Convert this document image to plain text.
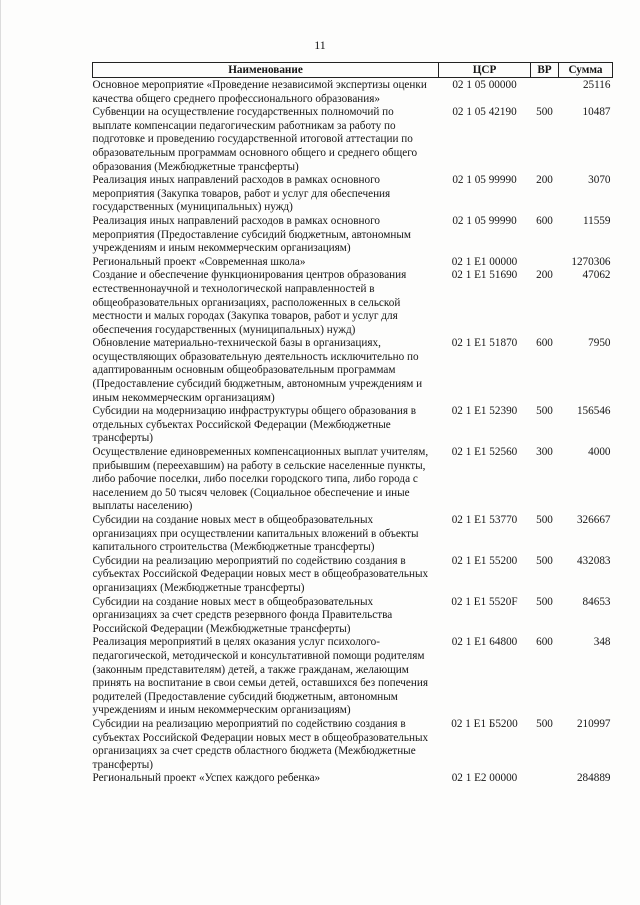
11
Наименование	ЦСР	ВР	Сумма
Основное мероприятие «Проведение независимой экспертизы оценки качества общего среднего профессионального образования»	02 1 05 00000		25116
Субвенции на осуществление государственных полномочий по выплате компенсации педагогическим работникам за работу по подготовке и проведению государственной итоговой аттестации по образовательным программам основного общего и среднего общего образования (Межбюджетные трансферты)	02 1 05 42190	500	10487
Реализация иных направлений расходов в рамках основного мероприятия (Закупка товаров, работ и услуг для обеспечения государственных (муниципальных) нужд)	02 1 05 99990	200	3070
Реализация иных направлений расходов в рамках основного мероприятия (Предоставление субсидий бюджетным, автономным учреждениям и иным некоммерческим организациям)	02 1 05 99990	600	11559
Региональный проект «Современная школа»	02 1 E1 00000		1270306
Создание и обеспечение функционирования центров образования естественнонаучной и технологической направленностей в общеобразовательных организациях, расположенных в сельской местности и малых городах (Закупка товаров, работ и услуг для обеспечения государственных (муниципальных) нужд)	02 1 E1 51690	200	47062
Обновление материально-технической базы в организациях, осуществляющих образовательную деятельность исключительно по адаптированным основным общеобразовательным программам (Предоставление субсидий бюджетным, автономным учреждениям и иным некоммерческим организациям)	02 1 E1 51870	600	7950
Субсидии на модернизацию инфраструктуры общего образования в отдельных субъектах Российской Федерации (Межбюджетные трансферты)	02 1 E1 52390	500	156546
Осуществление единовременных компенсационных выплат учителям, прибывшим (переехавшим) на работу в сельские населенные пункты, либо рабочие поселки, либо поселки городского типа, либо города с населением до 50 тысяч человек (Социальное обеспечение и иные выплаты населению)	02 1 E1 52560	300	4000
Субсидии на создание новых мест в общеобразовательных организациях при осуществлении капитальных вложений в объекты капитального строительства (Межбюджетные трансферты)	02 1 E1 53770	500	326667
Субсидии на реализацию мероприятий по содействию создания в субъектах Российской Федерации новых мест в общеобразовательных организациях (Межбюджетные трансферты)	02 1 E1 55200	500	432083
Субсидии на создание новых мест в общеобразовательных организациях за счет средств резервного фонда Правительства Российской Федерации (Межбюджетные трансферты)	02 1 E1 5520F	500	84653
Реализация мероприятий в целях оказания услуг психолого-педагогической, методической и консультативной помощи родителям (законным представителям) детей, а также гражданам, желающим принять на воспитание в свои семьи детей, оставшихся без попечения родителей (Предоставление субсидий бюджетным, автономным учреждениям и иным некоммерческим организациям)	02 1 E1 64800	600	348
Субсидии на реализацию мероприятий по содействию создания в субъектах Российской Федерации новых мест в общеобразовательных организациях за счет средств областного бюджета (Межбюджетные трансферты)	02 1 E1 Б5200	500	210997
Региональный проект «Успех каждого ребенка»	02 1 E2 00000		284889
